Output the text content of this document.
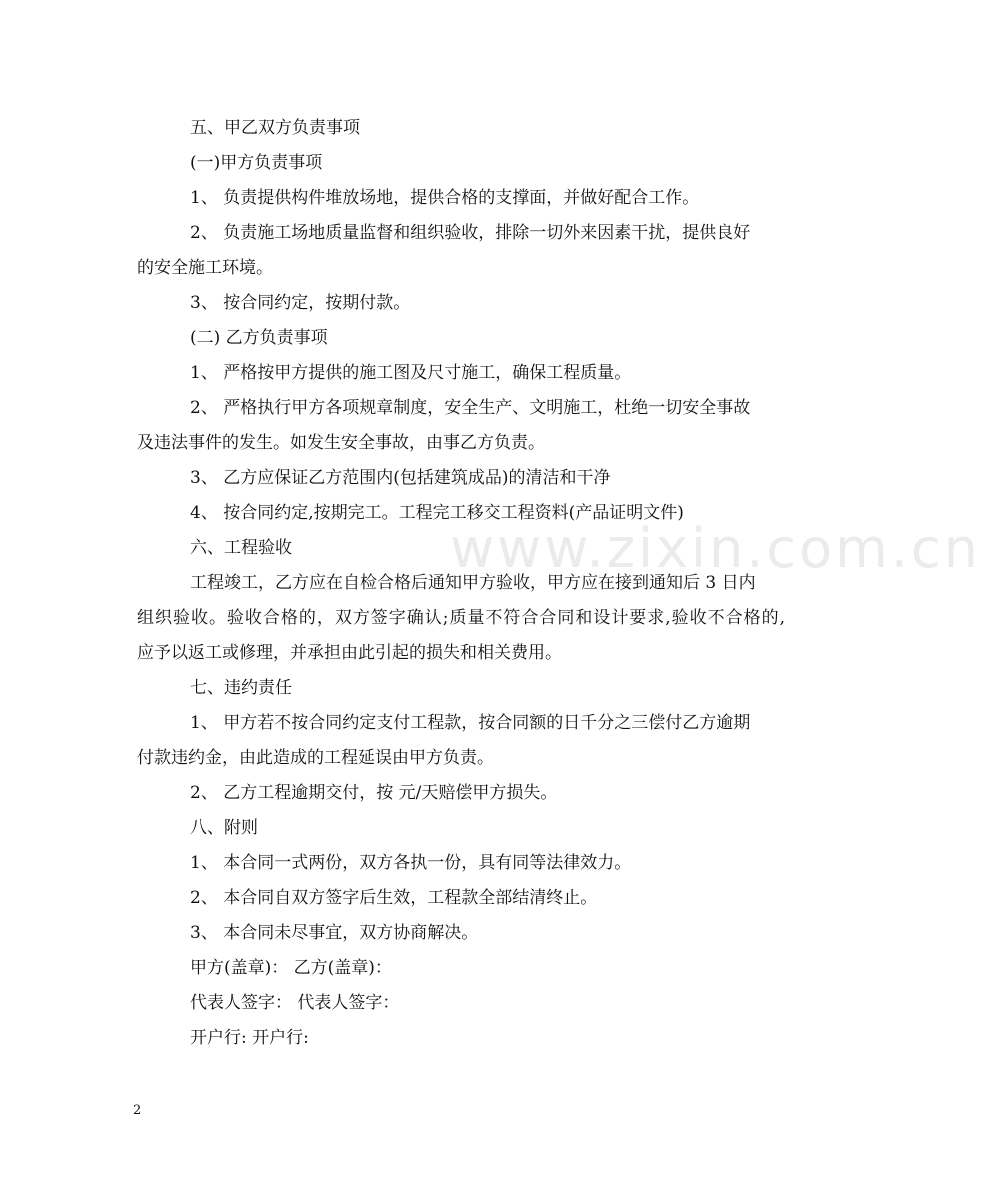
www.zixin.com.cn
五、甲乙双方负责事项
(一)甲方负责事项
1、 负责提供构件堆放场地，提供合格的支撑面，并做好配合工作。
2、 负责施工场地质量监督和组织验收，排除一切外来因素干扰，提供良好
的安全施工环境。
3、 按合同约定，按期付款。
(二) 乙方负责事项
1、 严格按甲方提供的施工图及尺寸施工，确保工程质量。
2、 严格执行甲方各项规章制度，安全生产、文明施工，杜绝一切安全事故
及违法事件的发生。如发生安全事故，由事乙方负责。
3、 乙方应保证乙方范围内(包括建筑成品)的清洁和干净
4、 按合同约定,按期完工。工程完工移交工程资料(产品证明文件)
六、工程验收
工程竣工，乙方应在自检合格后通知甲方验收，甲方应在接到通知后 3 日内
组织验收。验收合格的，双方签字确认;质量不符合合同和设计要求,验收不合格的,
应予以返工或修理，并承担由此引起的损失和相关费用。
七、违约责任
1、 甲方若不按合同约定支付工程款，按合同额的日千分之三偿付乙方逾期
付款违约金，由此造成的工程延误由甲方负责。
2、 乙方工程逾期交付，按 元/天赔偿甲方损失。
八、附则
1、 本合同一式两份，双方各执一份，具有同等法律效力。
2、 本合同自双方签字后生效，工程款全部结清终止。
3、 本合同未尽事宜，双方协商解决。
甲方(盖章)： 乙方(盖章)：
代表人签字： 代表人签字：
开户行: 开户行:
2
